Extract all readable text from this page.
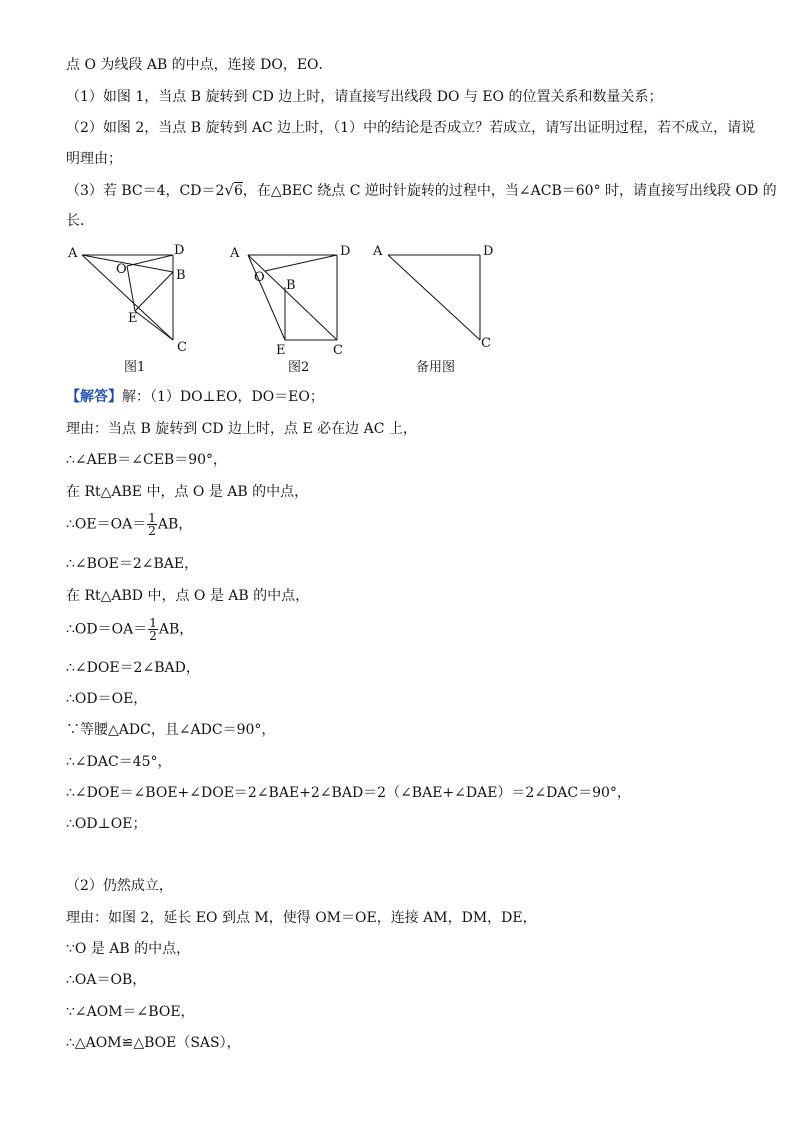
点 O 为线段 AB 的中点，连接 DO，EO．
（1）如图 1，当点 B 旋转到 CD 边上时，请直接写出线段 DO 与 EO 的位置关系和数量关系；
（2）如图 2，当点 B 旋转到 AC 边上时，（1）中的结论是否成立？若成立，请写出证明过程，若不成立，请说
明理由；
（3）若 BC＝4，CD＝2√6，在△BEC 绕点 C 逆时针旋转的过程中，当∠ACB＝60° 时，请直接写出线段 OD 的
长．
A	D
O	B
E
C
图1
A	D
O
B
E	C
图2
A	D
C
备用图
【解答】解：（1）DO⊥EO，DO＝EO；
理由：当点 B 旋转到 CD 边上时，点 E 必在边 AC 上，
∴∠AEB＝∠CEB＝90°，
在 Rt△ABE 中，点 O 是 AB 的中点，
∴OE＝OA＝ $\frac{1}{2}$ AB，
∴∠BOE＝2∠BAE，
在 Rt△ABD 中，点 O 是 AB 的中点，
∴OD＝OA＝ $\frac{1}{2}$ AB，
∴∠DOE＝2∠BAD，
∴OD＝OE，
∵等腰△ADC，且∠ADC＝90°，
∴∠DAC＝45°，
∴∠DOE＝∠BOE+∠DOE＝2∠BAE+2∠BAD＝2（∠BAE+∠DAE）＝2∠DAC＝90°，
∴OD⊥OE；
（2）仍然成立，
理由：如图 2，延长 EO 到点 M，使得 OM＝OE，连接 AM，DM，DE，
∵O 是 AB 的中点，
∴OA＝OB，
∵∠AOM＝∠BOE，
∴△AOM≌△BOE（SAS），
